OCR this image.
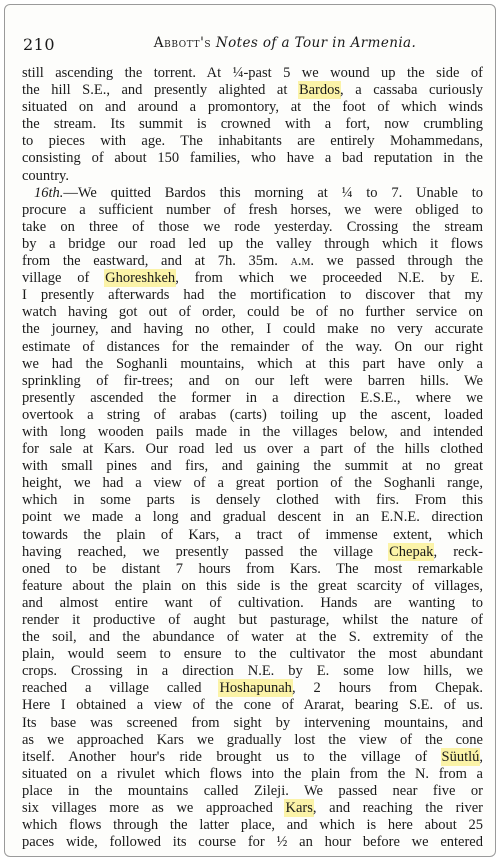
210	Abbott's Notes of a Tour in Armenia.
still ascending the torrent. At ¼-past 5 we wound up the side of
the hill S.E., and presently alighted at Bardos, a cassaba curiously
situated on and around a promontory, at the foot of which winds
the stream. Its summit is crowned with a fort, now crumbling
to pieces with age. The inhabitants are entirely Mohammedans,
consisting of about 150 families, who have a bad reputation in the
country.
16th.—We quitted Bardos this morning at ¼ to 7. Unable to
procure a sufficient number of fresh horses, we were obliged to
take on three of those we rode yesterday. Crossing the stream
by a bridge our road led up the valley through which it flows
from the eastward, and at 7h. 35m. a.m. we passed through the
village of Ghoreshkeh, from which we proceeded N.E. by E.
I presently afterwards had the mortification to discover that my
watch having got out of order, could be of no further service on
the journey, and having no other, I could make no very accurate
estimate of distances for the remainder of the way. On our right
we had the Soghanli mountains, which at this part have only a
sprinkling of fir-trees; and on our left were barren hills. We
presently ascended the former in a direction E.S.E., where we
overtook a string of arabas (carts) toiling up the ascent, loaded
with long wooden pails made in the villages below, and intended
for sale at Kars. Our road led us over a part of the hills clothed
with small pines and firs, and gaining the summit at no great
height, we had a view of a great portion of the Soghanli range,
which in some parts is densely clothed with firs. From this
point we made a long and gradual descent in an E.N.E. direction
towards the plain of Kars, a tract of immense extent, which
having reached, we presently passed the village Chepak, reck-
oned to be distant 7 hours from Kars. The most remarkable
feature about the plain on this side is the great scarcity of villages,
and almost entire want of cultivation. Hands are wanting to
render it productive of aught but pasturage, whilst the nature of
the soil, and the abundance of water at the S. extremity of the
plain, would seem to ensure to the cultivator the most abundant
crops. Crossing in a direction N.E. by E. some low hills, we
reached a village called Hoshapunah, 2 hours from Chepak.
Here I obtained a view of the cone of Ararat, bearing S.E. of us.
Its base was screened from sight by intervening mountains, and
as we approached Kars we gradually lost the view of the cone
itself. Another hour's ride brought us to the village of Süutlú,
situated on a rivulet which flows into the plain from the N. from a
place in the mountains called Zileji. We passed near five or
six villages more as we approached Kars, and reaching the river
which flows through the latter place, and which is here about 25
paces wide, followed its course for ½ an hour before we entered
